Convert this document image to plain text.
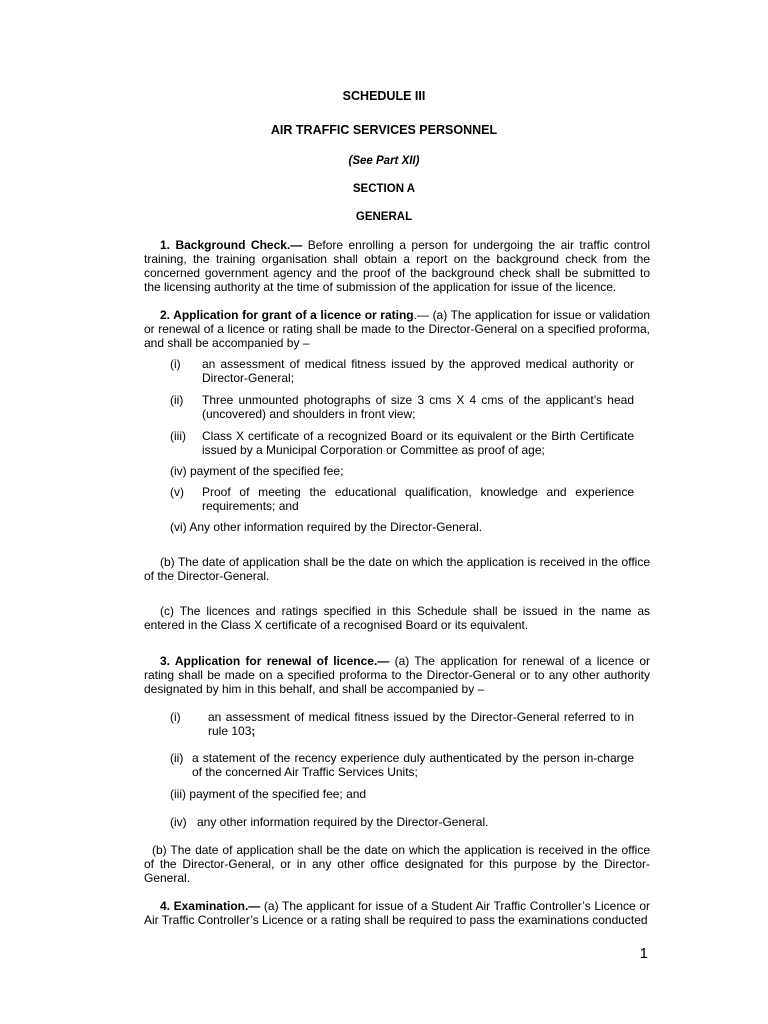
SCHEDULE III
AIR TRAFFIC SERVICES PERSONNEL
(See Part XII)
SECTION A
GENERAL
1. Background Check.— Before enrolling a person for undergoing the air traffic control training, the training organisation shall obtain a report on the background check from the concerned government agency and the proof of the background check shall be submitted to the licensing authority at the time of submission of the application for issue of the licence.
2. Application for grant of a licence or rating.— (a) The application for issue or validation or renewal of a licence or rating shall be made to the Director-General on a specified proforma, and shall be accompanied by –
(i)	an assessment of medical fitness issued by the approved medical authority or Director-General;
(ii)	Three unmounted photographs of size 3 cms X 4 cms of the applicant’s head (uncovered) and shoulders in front view;
(iii)	Class X certificate of a recognized Board or its equivalent or the Birth Certificate issued by a Municipal Corporation or Committee as proof of age;
(iv) payment of the specified fee;
(v)	Proof of meeting the educational qualification, knowledge and experience requirements; and
(vi) Any other information required by the Director-General.
(b) The date of application shall be the date on which the application is received in the office of the Director-General.
(c) The licences and ratings specified in this Schedule shall be issued in the name as entered in the Class X certificate of a recognised Board or its equivalent.
3. Application for renewal of licence.— (a) The application for renewal of a licence or rating shall be made on a specified proforma to the Director-General or to any other authority designated by him in this behalf, and shall be accompanied by –
(i)	an assessment of medical fitness issued by the Director-General referred to in rule 103;
(ii) a statement of the recency experience duly authenticated by the person in-charge of the concerned Air Traffic Services Units;
(iii) payment of the specified fee; and
(iv) any other information required by the Director-General.
(b) The date of application shall be the date on which the application is received in the office of the Director-General, or in any other office designated for this purpose by the Director-General.
4. Examination.— (a) The applicant for issue of a Student Air Traffic Controller’s Licence or Air Traffic Controller’s Licence or a rating shall be required to pass the examinations conducted
1
